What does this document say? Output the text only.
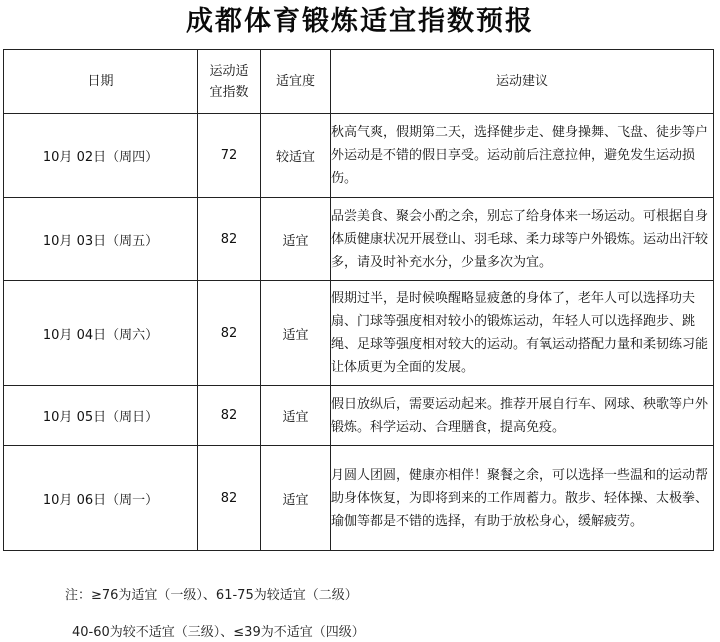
成都体育锻炼适宜指数预报
日期	运动适宜指数	适宜度	运动建议
10月 02日（周四）	72	较适宜	秋高气爽，假期第二天，选择健步走、健身操舞、飞盘、徒步等户外运动是不错的假日享受。运动前后注意拉伸，避免发生运动损伤。
10月 03日（周五）	82	适宜	品尝美食、聚会小酌之余，别忘了给身体来一场运动。可根据自身体质健康状况开展登山、羽毛球、柔力球等户外锻炼。运动出汗较多，请及时补充水分，少量多次为宜。
10月 04日（周六）	82	适宜	假期过半，是时候唤醒略显疲惫的身体了，老年人可以选择功夫扇、门球等强度相对较小的锻炼运动，年轻人可以选择跑步、跳绳、足球等强度相对较大的运动。有氧运动搭配力量和柔韧练习能让体质更为全面的发展。
10月 05日（周日）	82	适宜	假日放纵后，需要运动起来。推荐开展自行车、网球、秧歌等户外锻炼。科学运动、合理膳食，提高免疫。
10月 06日（周一）	82	适宜	月圆人团圆，健康亦相伴！聚餐之余，可以选择一些温和的运动帮助身体恢复，为即将到来的工作周蓄力。散步、轻体操、太极拳、瑜伽等都是不错的选择，有助于放松身心，缓解疲劳。
注：≥76为适宜（一级）、61-75为较适宜（二级）
40-60为较不适宜（三级）、≤39为不适宜（四级）
